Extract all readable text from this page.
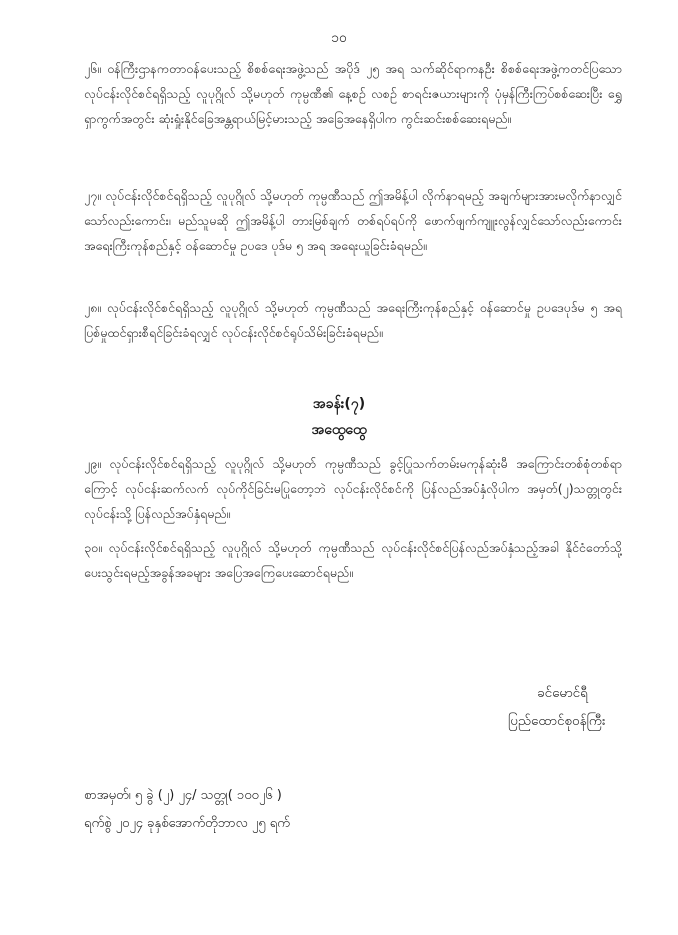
၁၀

၂၆။ ဝန်ကြီးဌာနကတာဝန်ပေးသည့် စိစစ်ရေးအဖွဲ့သည် အပိုဒ် ၂၅ အရ သက်ဆိုင်ရာကနဦး စိစစ်ရေးအဖွဲ့ကတင်ပြသော လုပ်ငန်းလိုင်စင်ရရှိသည့် လူပုဂ္ဂိုလ် သို့မဟုတ် ကုမ္ပဏီ၏ နေ့စဉ် လစဉ် စာရင်းဇယားများကို ပုံမှန်ကြီးကြပ်စစ်ဆေးပြီး ရွှေရှာကွက်အတွင်း ဆုံးရှုံးနိုင်ခြေအန္တရာယ်မြင့်မားသည့် အခြေအနေရှိပါက ကွင်းဆင်းစစ်ဆေးရမည်။

၂၇။ လုပ်ငန်းလိုင်စင်ရရှိသည့် လူပုဂ္ဂိုလ် သို့မဟုတ် ကုမ္ပဏီသည် ဤအမိန့်ပါ လိုက်နာရမည့် အချက်များအားမလိုက်နာလျှင်သော်လည်းကောင်း၊ မည်သူမဆို ဤအမိန့်ပါ တားမြစ်ချက် တစ်ရပ်ရပ်ကို ဖောက်ဖျက်ကျူးလွန်လျှင်သော်လည်းကောင်း အရေးကြီးကုန်စည်နှင့် ဝန်ဆောင်မှု ဥပဒေ ပုဒ်မ ၅ အရ အရေးယူခြင်းခံရမည်။

၂၈။ လုပ်ငန်းလိုင်စင်ရရှိသည့် လူပုဂ္ဂိုလ် သို့မဟုတ် ကုမ္ပဏီသည် အရေးကြီးကုန်စည်နှင့် ဝန်ဆောင်မှု ဥပဒေပုဒ်မ ၅ အရ ပြစ်မှုထင်ရှားစီရင်ခြင်းခံရလျှင် လုပ်ငန်းလိုင်စင်ရုပ်သိမ်းခြင်းခံရမည်။

အခန်း(၇)

အထွေထွေ

၂၉။ လုပ်ငန်းလိုင်စင်ရရှိသည့် လူပုဂ္ဂိုလ် သို့မဟုတ် ကုမ္ပဏီသည် ခွင့်ပြုသက်တမ်းမကုန်ဆုံးမီ အကြောင်းတစ်စုံတစ်ရာကြောင့် လုပ်ငန်းဆက်လက် လုပ်ကိုင်ခြင်းမပြုတော့ဘဲ လုပ်ငန်းလိုင်စင်ကို ပြန်လည်အပ်နှံလိုပါက အမှတ်(၂)သတ္တုတွင်းလုပ်ငန်းသို့ ပြန်လည်အပ်နှံရမည်။

၃၀။ လုပ်ငန်းလိုင်စင်ရရှိသည့် လူပုဂ္ဂိုလ် သို့မဟုတ် ကုမ္ပဏီသည် လုပ်ငန်းလိုင်စင်ပြန်လည်အပ်နှံသည့်အခါ နိုင်ငံတော်သို့ ပေးသွင်းရမည့်အခွန်အခများ အပြေအကြေပေးဆောင်ရမည်။

ခင်မောင်ရီ

ပြည်ထောင်စုဝန်ကြီး

စာအမှတ်၊ ၅ ခွဲ (၂) ၂၄/ သတ္တု( ၁၀၀၂၆ )

ရက်စွဲ ၂၀၂၄ ခုနှစ်အောက်တိုဘာလ ၂၅ ရက်
